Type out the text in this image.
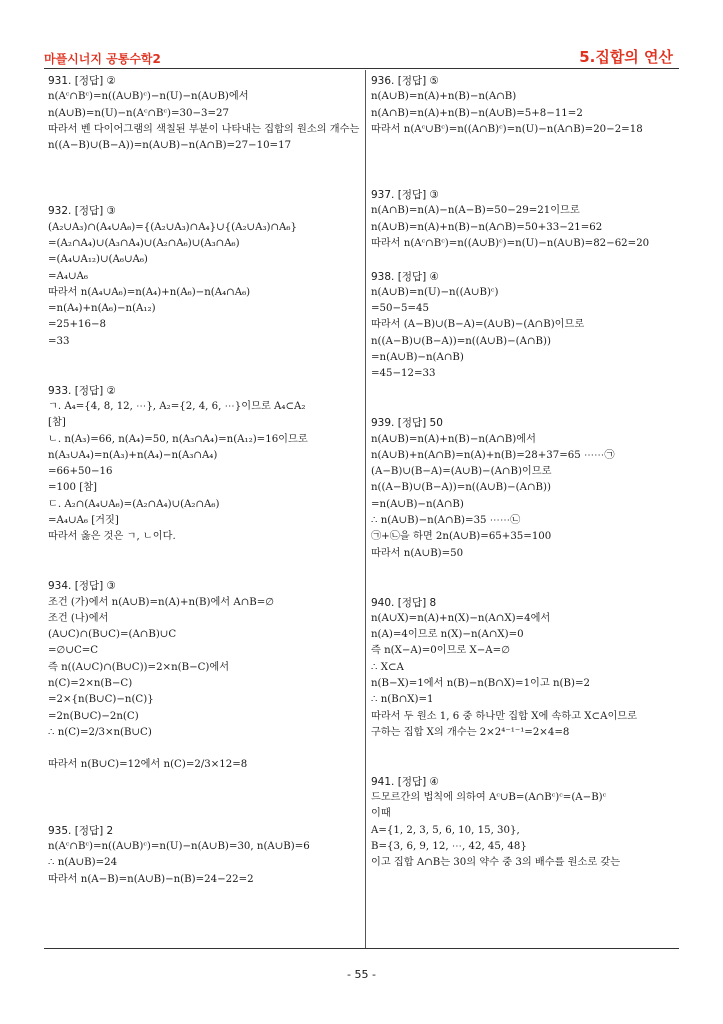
마플시너지 공통수학2	5.집합의 연산
931. [정답] ②
n(Aᶜ∩Bᶜ)=n((A∪B)ᶜ)−n(U)−n(A∪B)에서
n(A∪B)=n(U)−n(Aᶜ∩Bᶜ)=30−3=27
따라서 벤 다이어그램의 색칠된 부분이 나타내는 집합의 원소의 개수는
n((A−B)∪(B−A))=n(A∪B)−n(A∩B)=27−10=17
932. [정답] ③
(A₂∪A₃)∩(A₄∪A₆)={(A₂∪A₃)∩A₄}∪{(A₂∪A₃)∩A₆}
=(A₂∩A₄)∪(A₃∩A₄)∪(A₂∩A₆)∪(A₃∩A₆)
=(A₄∪A₁₂)∪(A₆∪A₆)
=A₄∪A₆
따라서 n(A₄∪A₆)=n(A₄)+n(A₆)−n(A₄∩A₆)
=n(A₄)+n(A₆)−n(A₁₂)
=25+16−8
=33
933. [정답] ②
ㄱ. A₄={4, 8, 12, ⋯}, A₂={2, 4, 6, ⋯}이므로 A₄⊂A₂
[참]
ㄴ. n(A₃)=66, n(A₄)=50, n(A₃∩A₄)=n(A₁₂)=16이므로
n(A₃∪A₄)=n(A₃)+n(A₄)−n(A₃∩A₄)
=66+50−16
=100 [참]
ㄷ. A₂∩(A₄∪A₆)=(A₂∩A₄)∪(A₂∩A₆)
=A₄∪A₆ [거짓]
따라서 옳은 것은 ㄱ, ㄴ이다.
934. [정답] ③
조건 (가)에서 n(A∪B)=n(A)+n(B)에서 A∩B=∅
조건 (나)에서
(A∪C)∩(B∪C)=(A∩B)∪C
=∅∪C=C
즉 n((A∪C)∩(B∪C))=2×n(B−C)에서
n(C)=2×n(B−C)
=2×{n(B∪C)−n(C)}
=2n(B∪C)−2n(C)
∴ n(C)=2/3×n(B∪C)
따라서 n(B∪C)=12에서 n(C)=2/3×12=8
935. [정답] 2
n(Aᶜ∩Bᶜ)=n((A∪B)ᶜ)=n(U)−n(A∪B)=30, n(A∪B)=6
∴ n(A∪B)=24
따라서 n(A−B)=n(A∪B)−n(B)=24−22=2
936. [정답] ⑤
n(A∪B)=n(A)+n(B)−n(A∩B)
n(A∩B)=n(A)+n(B)−n(A∪B)=5+8−11=2
따라서 n(Aᶜ∪Bᶜ)=n((A∩B)ᶜ)=n(U)−n(A∩B)=20−2=18
937. [정답] ③
n(A∩B)=n(A)−n(A−B)=50−29=21이므로
n(A∪B)=n(A)+n(B)−n(A∩B)=50+33−21=62
따라서 n(Aᶜ∩Bᶜ)=n((A∪B)ᶜ)=n(U)−n(A∪B)=82−62=20
938. [정답] ④
n(A∪B)=n(U)−n((A∪B)ᶜ)
=50−5=45
따라서 (A−B)∪(B−A)=(A∪B)−(A∩B)이므로
n((A−B)∪(B−A))=n((A∪B)−(A∩B))
=n(A∪B)−n(A∩B)
=45−12=33
939. [정답] 50
n(A∪B)=n(A)+n(B)−n(A∩B)에서
n(A∪B)+n(A∩B)=n(A)+n(B)=28+37=65 ⋯⋯㉠
(A−B)∪(B−A)=(A∪B)−(A∩B)이므로
n((A−B)∪(B−A))=n((A∪B)−(A∩B))
=n(A∪B)−n(A∩B)
∴ n(A∪B)−n(A∩B)=35 ⋯⋯㉡
㉠+㉡을 하면 2n(A∪B)=65+35=100
따라서 n(A∪B)=50
940. [정답] 8
n(A∪X)=n(A)+n(X)−n(A∩X)=4에서
n(A)=4이므로 n(X)−n(A∩X)=0
즉 n(X−A)=0이므로 X−A=∅
∴ X⊂A
n(B−X)=1에서 n(B)−n(B∩X)=1이고 n(B)=2
∴ n(B∩X)=1
따라서 두 원소 1, 6 중 하나만 집합 X에 속하고 X⊂A이므로
구하는 집합 X의 개수는 2×2⁴⁻¹⁻¹=2×4=8
941. [정답] ④
드모르간의 법칙에 의하여 Aᶜ∪B=(A∩Bᶜ)ᶜ=(A−B)ᶜ
이때
A={1, 2, 3, 5, 6, 10, 15, 30},
B={3, 6, 9, 12, ⋯, 42, 45, 48}
이고 집합 A∩B는 30의 약수 중 3의 배수를 원소로 갖는
- 55 -
